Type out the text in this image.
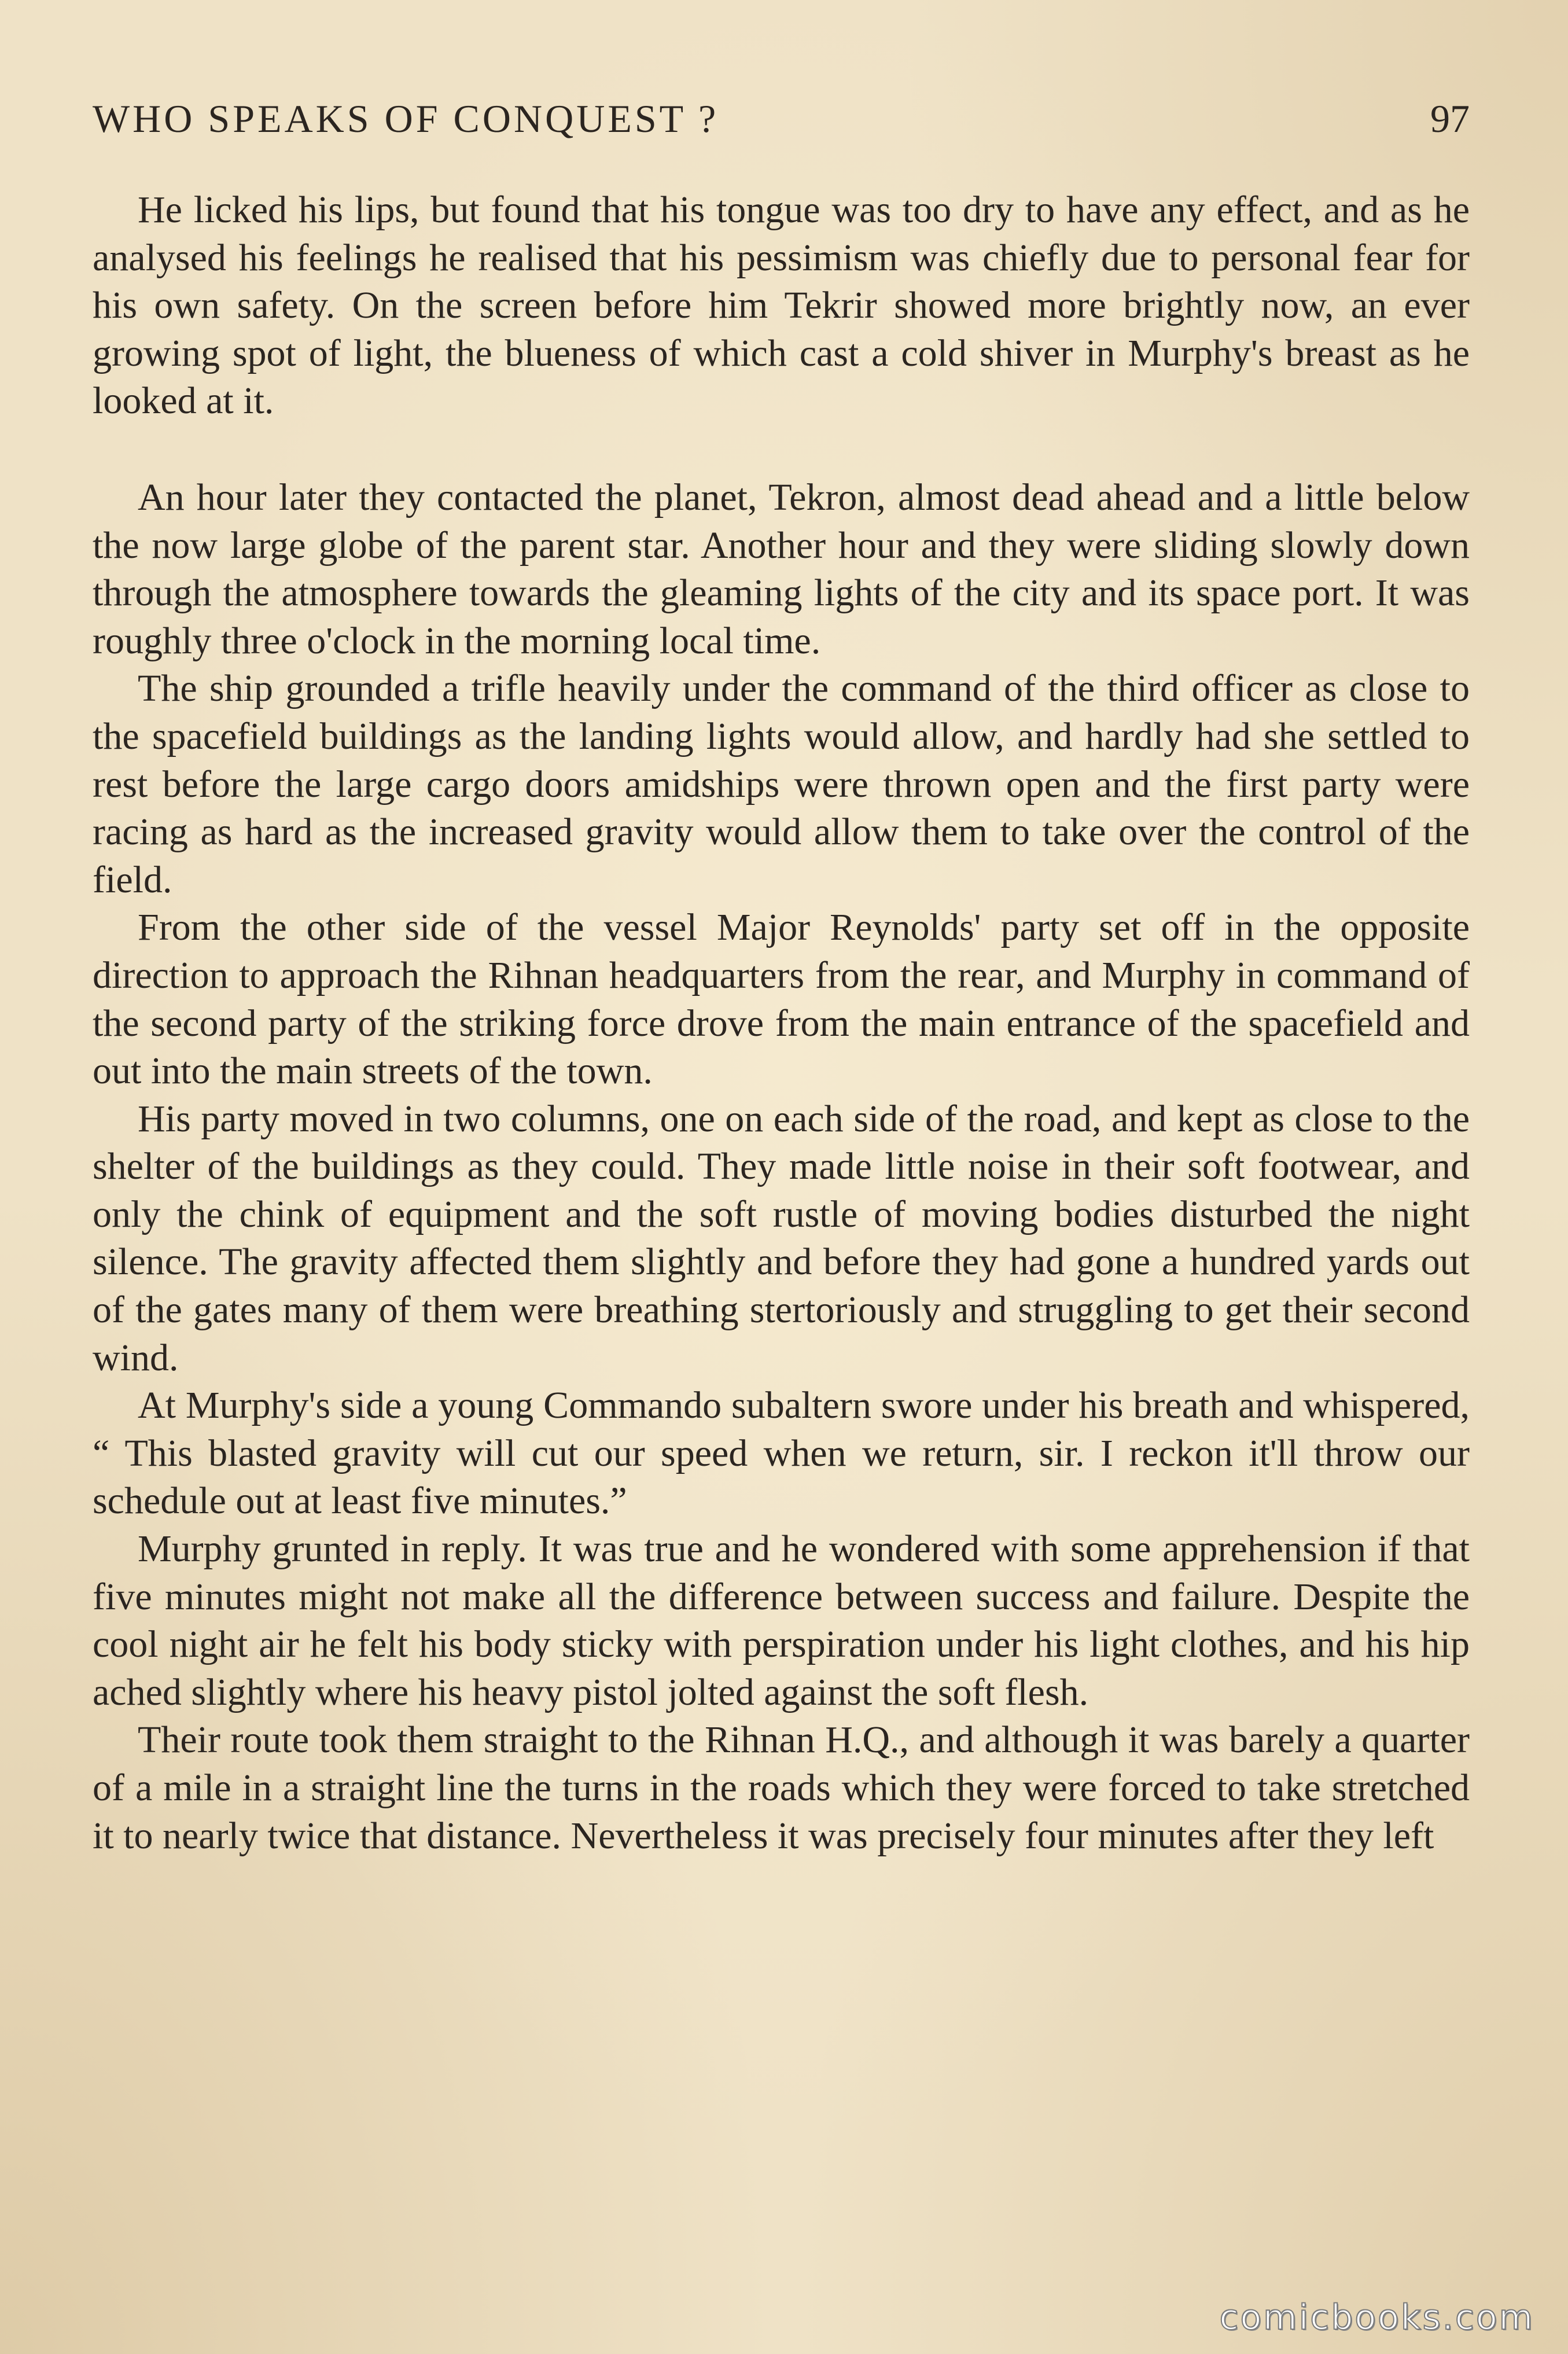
WHO SPEAKS OF CONQUEST ?	97

He licked his lips, but found that his tongue was too dry to have any effect, and as he analysed his feelings he realised that his pessimism was chiefly due to personal fear for his own safety. On the screen before him Tekrir showed more brightly now, an ever growing spot of light, the blueness of which cast a cold shiver in Murphy's breast as he looked at it.

An hour later they contacted the planet, Tekron, almost dead ahead and a little below the now large globe of the parent star. Another hour and they were sliding slowly down through the atmosphere towards the gleaming lights of the city and its space port. It was roughly three o'clock in the morning local time.

The ship grounded a trifle heavily under the command of the third officer as close to the spacefield buildings as the landing lights would allow, and hardly had she settled to rest before the large cargo doors amidships were thrown open and the first party were racing as hard as the increased gravity would allow them to take over the control of the field.

From the other side of the vessel Major Reynolds' party set off in the opposite direction to approach the Rihnan headquarters from the rear, and Murphy in command of the second party of the striking force drove from the main entrance of the spacefield and out into the main streets of the town.

His party moved in two columns, one on each side of the road, and kept as close to the shelter of the buildings as they could. They made little noise in their soft footwear, and only the chink of equipment and the soft rustle of moving bodies disturbed the night silence. The gravity affected them slightly and before they had gone a hundred yards out of the gates many of them were breathing stertoriously and struggling to get their second wind.

At Murphy's side a young Commando subaltern swore under his breath and whispered, “ This blasted gravity will cut our speed when we return, sir. I reckon it'll throw our schedule out at least five minutes.”

Murphy grunted in reply. It was true and he wondered with some apprehension if that five minutes might not make all the difference between success and failure. Despite the cool night air he felt his body sticky with perspiration under his light clothes, and his hip ached slightly where his heavy pistol jolted against the soft flesh.

Their route took them straight to the Rihnan H.Q., and although it was barely a quarter of a mile in a straight line the turns in the roads which they were forced to take stretched it to nearly twice that distance. Nevertheless it was precisely four minutes after they left

comicbooks.com
